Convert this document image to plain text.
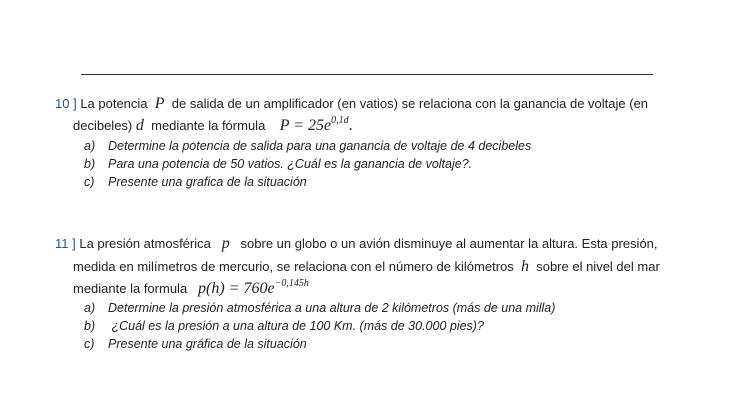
10 ] La potencia P de salida de un amplificador (en vatios) se relaciona con la ganancia de voltaje (en
decibeles) d mediante la fórmula $P = 25e^{0,1d}$.
a) Determine la potencia de salida para una ganancia de voltaje de 4 decibeles
b) Para una potencia de 50 vatios. ¿Cuál es la ganancia de voltaje?.
c) Presente una grafica de la situación
11 ] La presión atmosférica p sobre un globo o un avión disminuye al aumentar la altura. Esta presión,
medida en milímetros de mercurio, se relaciona con el número de kilómetros h sobre el nivel del mar
mediante la formula $p(h) = 760e^{-0,145h}$
a) Determine la presión atmosférica a una altura de 2 kilómetros (más de una milla)
b) ¿Cuál es la presión a una altura de 100 Km. (más de 30.000 pies)?
c) Presente una gráfica de la situación
